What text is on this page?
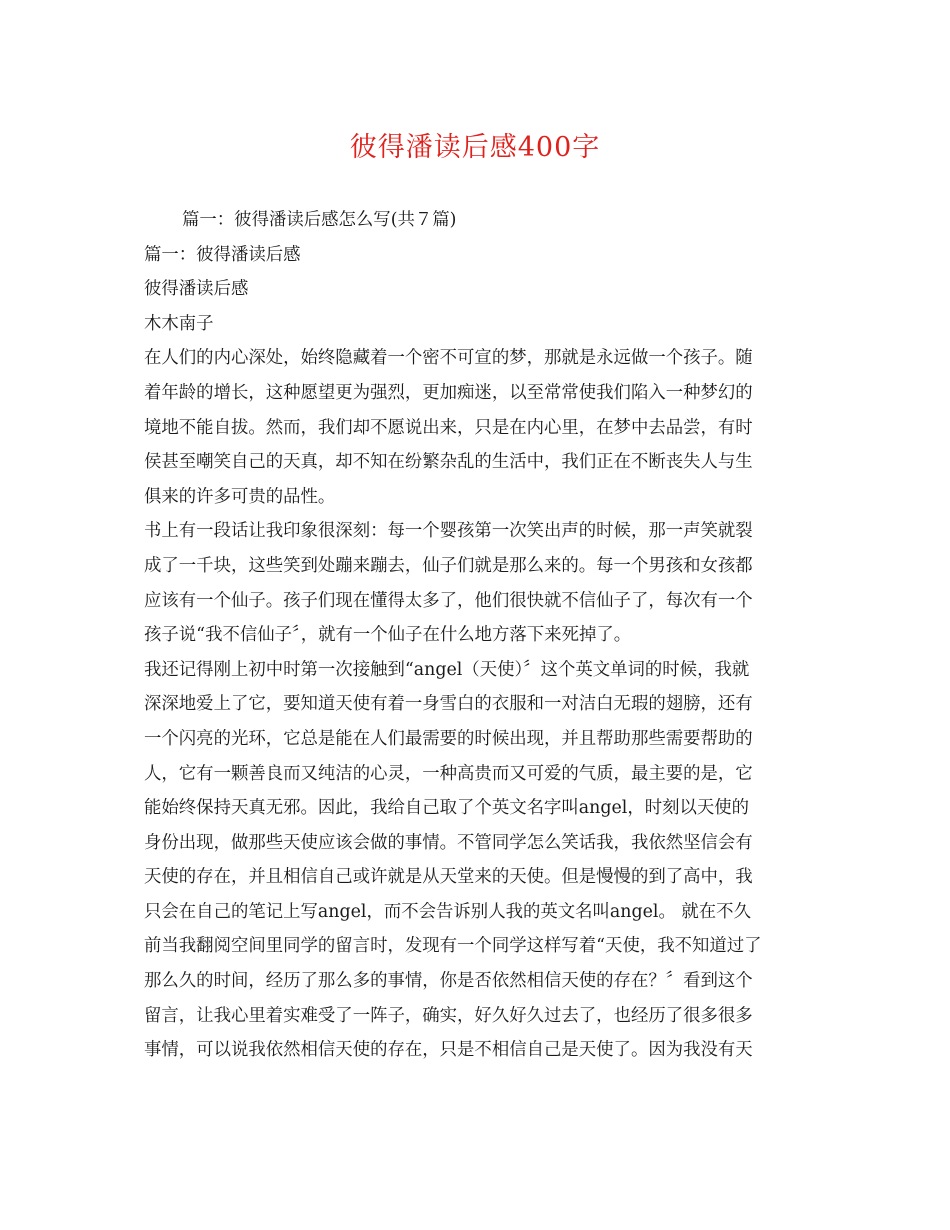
彼得潘读后感400字
篇一：彼得潘读后感怎么写(共７篇)
篇一：彼得潘读后感
彼得潘读后感
木木南子
在人们的内心深处，始终隐藏着一个密不可宣的梦，那就是永远做一个孩子。随
着年龄的增长，这种愿望更为强烈，更加痴迷，以至常常使我们陷入一种梦幻的
境地不能自拔。然而，我们却不愿说出来，只是在内心里，在梦中去品尝，有时
侯甚至嘲笑自己的天真，却不知在纷繁杂乱的生活中，我们正在不断丧失人与生
俱来的许多可贵的品性。
书上有一段话让我印象很深刻：每一个婴孩第一次笑出声的时候，那一声笑就裂
成了一千块，这些笑到处蹦来蹦去，仙子们就是那么来的。每一个男孩和女孩都
应该有一个仙子。孩子们现在懂得太多了，他们很快就不信仙子了，每次有一个
孩子说“我不信仙子〞，就有一个仙子在什么地方落下来死掉了。
我还记得刚上初中时第一次接触到“angel（天使）〞这个英文单词的时候，我就
深深地爱上了它，要知道天使有着一身雪白的衣服和一对洁白无瑕的翅膀，还有
一个闪亮的光环，它总是能在人们最需要的时候出现，并且帮助那些需要帮助的
人，它有一颗善良而又纯洁的心灵，一种高贵而又可爱的气质，最主要的是，它
能始终保持天真无邪。因此，我给自己取了个英文名字叫angel，时刻以天使的
身份出现，做那些天使应该会做的事情。不管同学怎么笑话我，我依然坚信会有
天使的存在，并且相信自己或许就是从天堂来的天使。但是慢慢的到了高中，我
只会在自己的笔记上写angel，而不会告诉别人我的英文名叫angel。 就在不久
前当我翻阅空间里同学的留言时，发现有一个同学这样写着“天使，我不知道过了
那么久的时间，经历了那么多的事情，你是否依然相信天使的存在？〞看到这个
留言，让我心里着实难受了一阵子，确实，好久好久过去了，也经历了很多很多
事情，可以说我依然相信天使的存在，只是不相信自己是天使了。因为我没有天
